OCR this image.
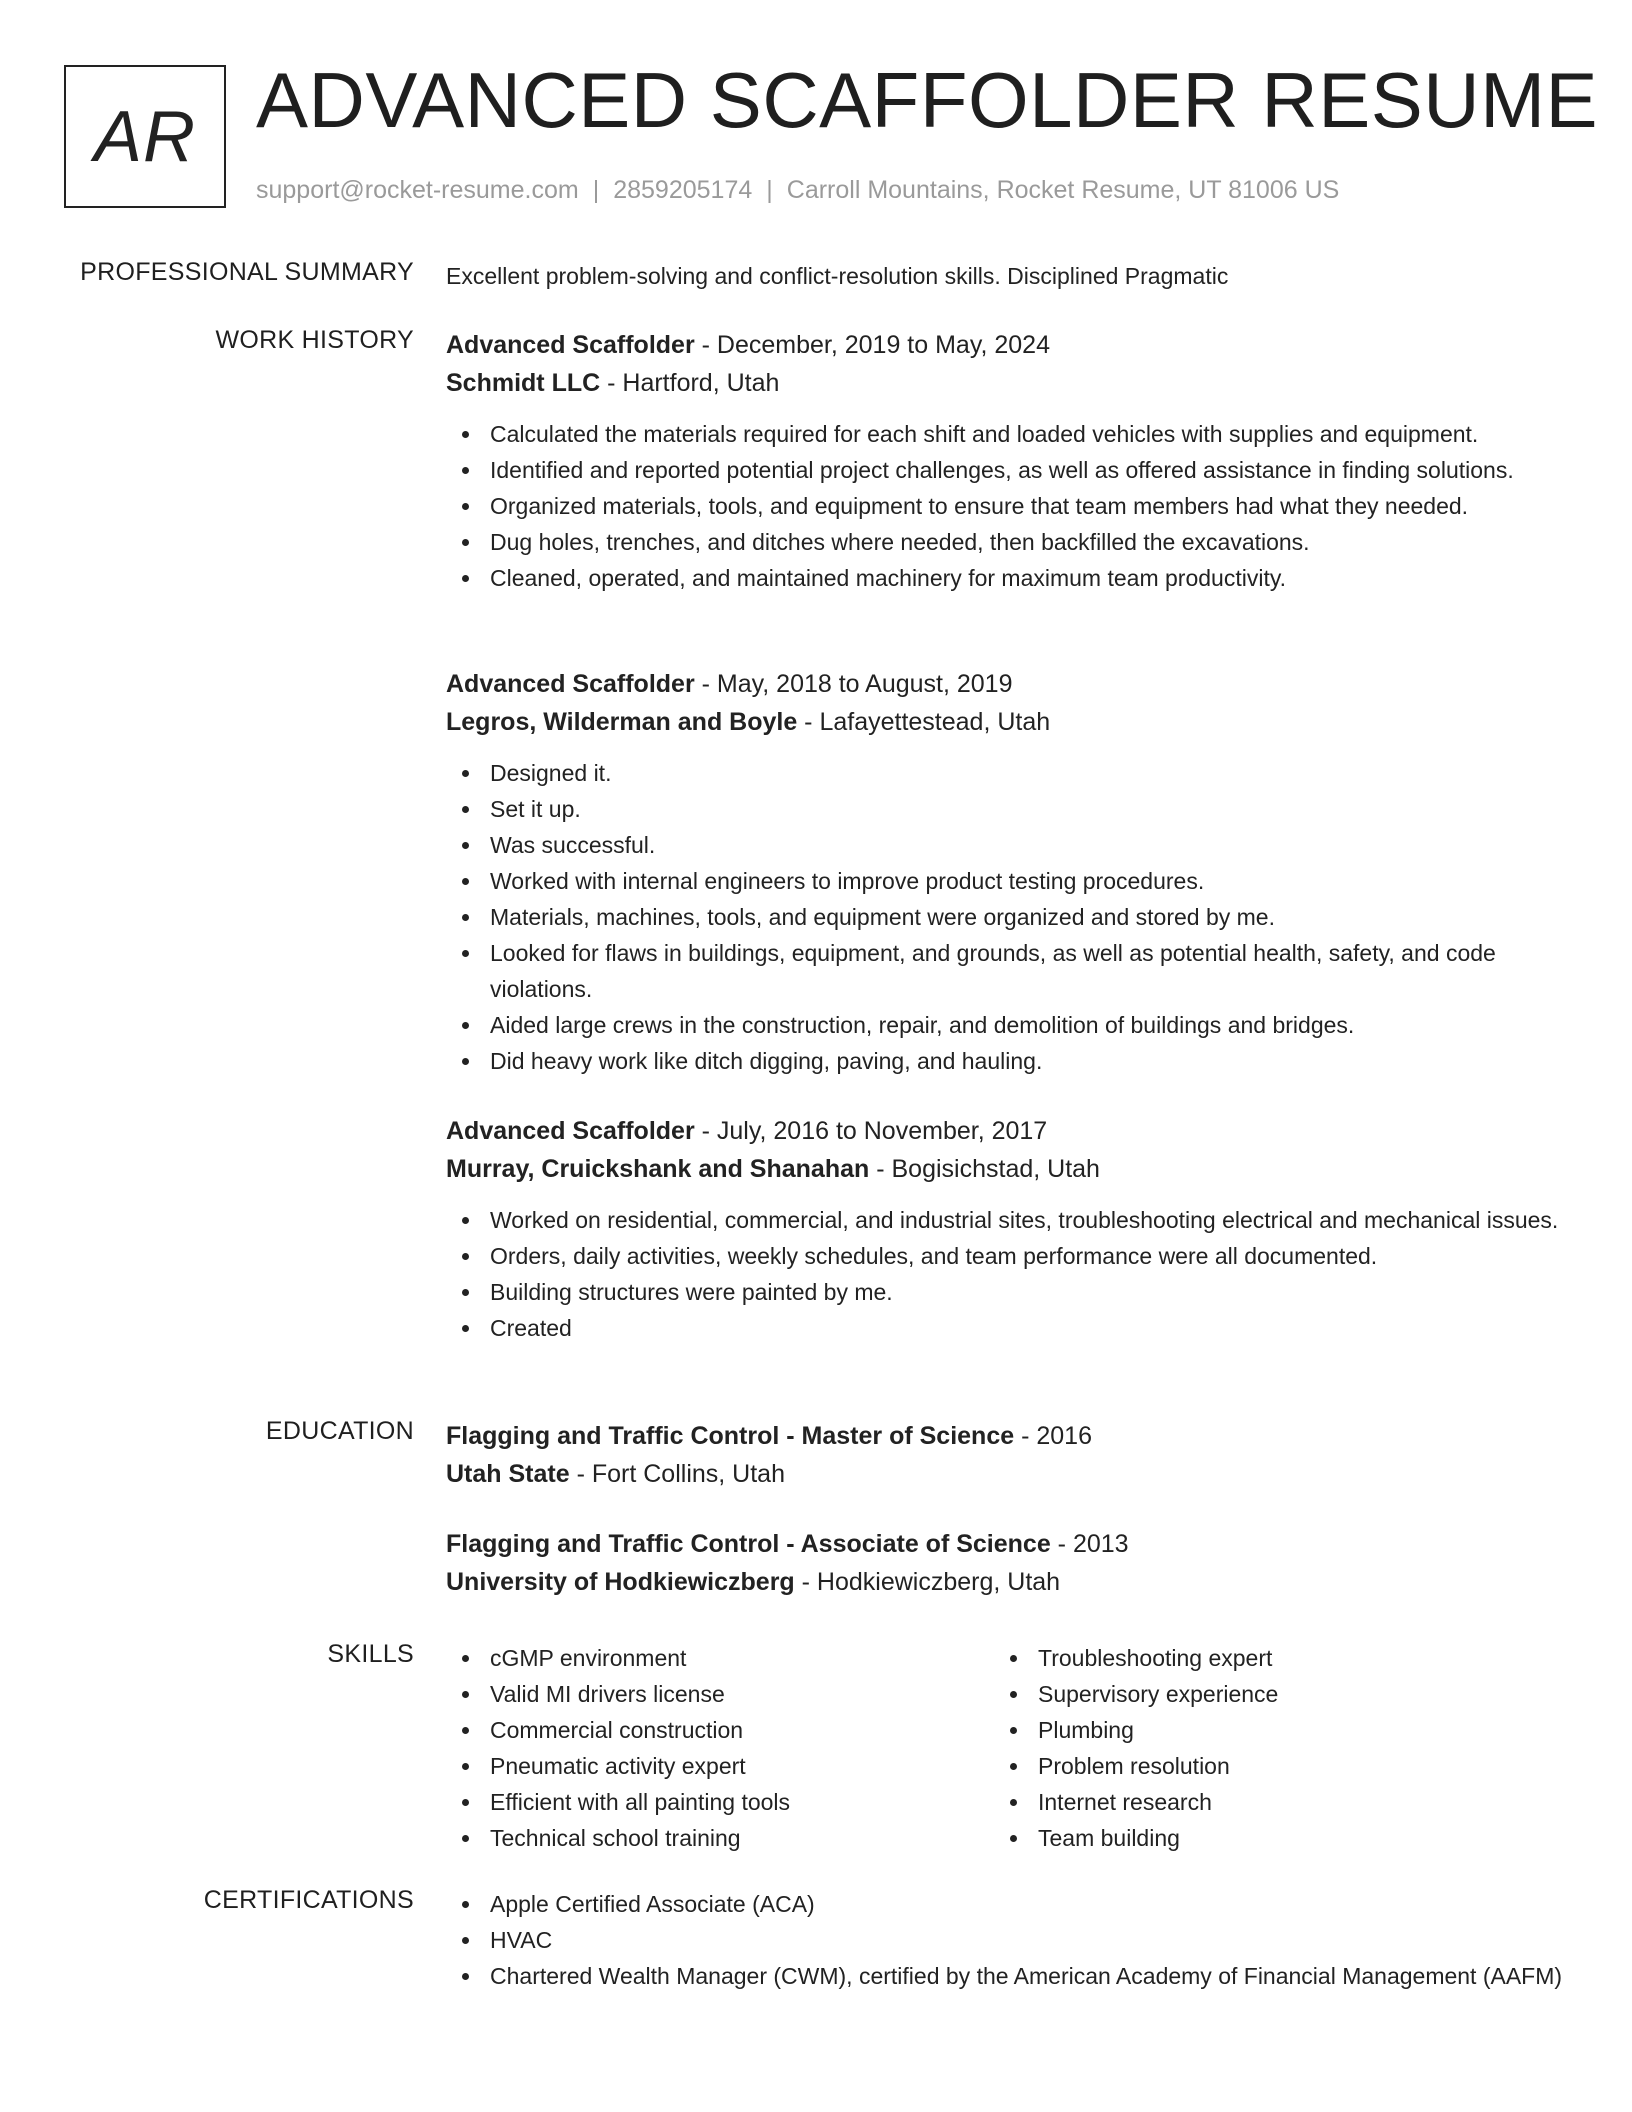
AR ADVANCED SCAFFOLDER RESUME
support@rocket-resume.com | 2859205174 | Carroll Mountains, Rocket Resume, UT 81006 US
PROFESSIONAL SUMMARY Excellent problem-solving and conflict-resolution skills. Disciplined Pragmatic
WORK HISTORY Advanced Scaffolder - December, 2019 to May, 2024
Schmidt LLC - Hartford, Utah
Calculated the materials required for each shift and loaded vehicles with supplies and equipment.
Identified and reported potential project challenges, as well as offered assistance in finding solutions.
Organized materials, tools, and equipment to ensure that team members had what they needed.
Dug holes, trenches, and ditches where needed, then backfilled the excavations.
Cleaned, operated, and maintained machinery for maximum team productivity.
Advanced Scaffolder - May, 2018 to August, 2019
Legros, Wilderman and Boyle - Lafayettestead, Utah
Designed it.
Set it up.
Was successful.
Worked with internal engineers to improve product testing procedures.
Materials, machines, tools, and equipment were organized and stored by me.
Looked for flaws in buildings, equipment, and grounds, as well as potential health, safety, and code violations.
Aided large crews in the construction, repair, and demolition of buildings and bridges.
Did heavy work like ditch digging, paving, and hauling.
Advanced Scaffolder - July, 2016 to November, 2017
Murray, Cruickshank and Shanahan - Bogisichstad, Utah
Worked on residential, commercial, and industrial sites, troubleshooting electrical and mechanical issues.
Orders, daily activities, weekly schedules, and team performance were all documented.
Building structures were painted by me.
Created
EDUCATION Flagging and Traffic Control - Master of Science - 2016
Utah State - Fort Collins, Utah
Flagging and Traffic Control - Associate of Science - 2013
University of Hodkiewiczberg - Hodkiewiczberg, Utah
SKILLS	cGMP environment
Valid MI drivers license
Commercial construction
Pneumatic activity expert
Efficient with all painting tools
Technical school training
Troubleshooting expert
Supervisory experience
Plumbing
Problem resolution
Internet research
Team building
CERTIFICATIONS	Apple Certified Associate (ACA)
HVAC
Chartered Wealth Manager (CWM), certified by the American Academy of Financial Management (AAFM)
